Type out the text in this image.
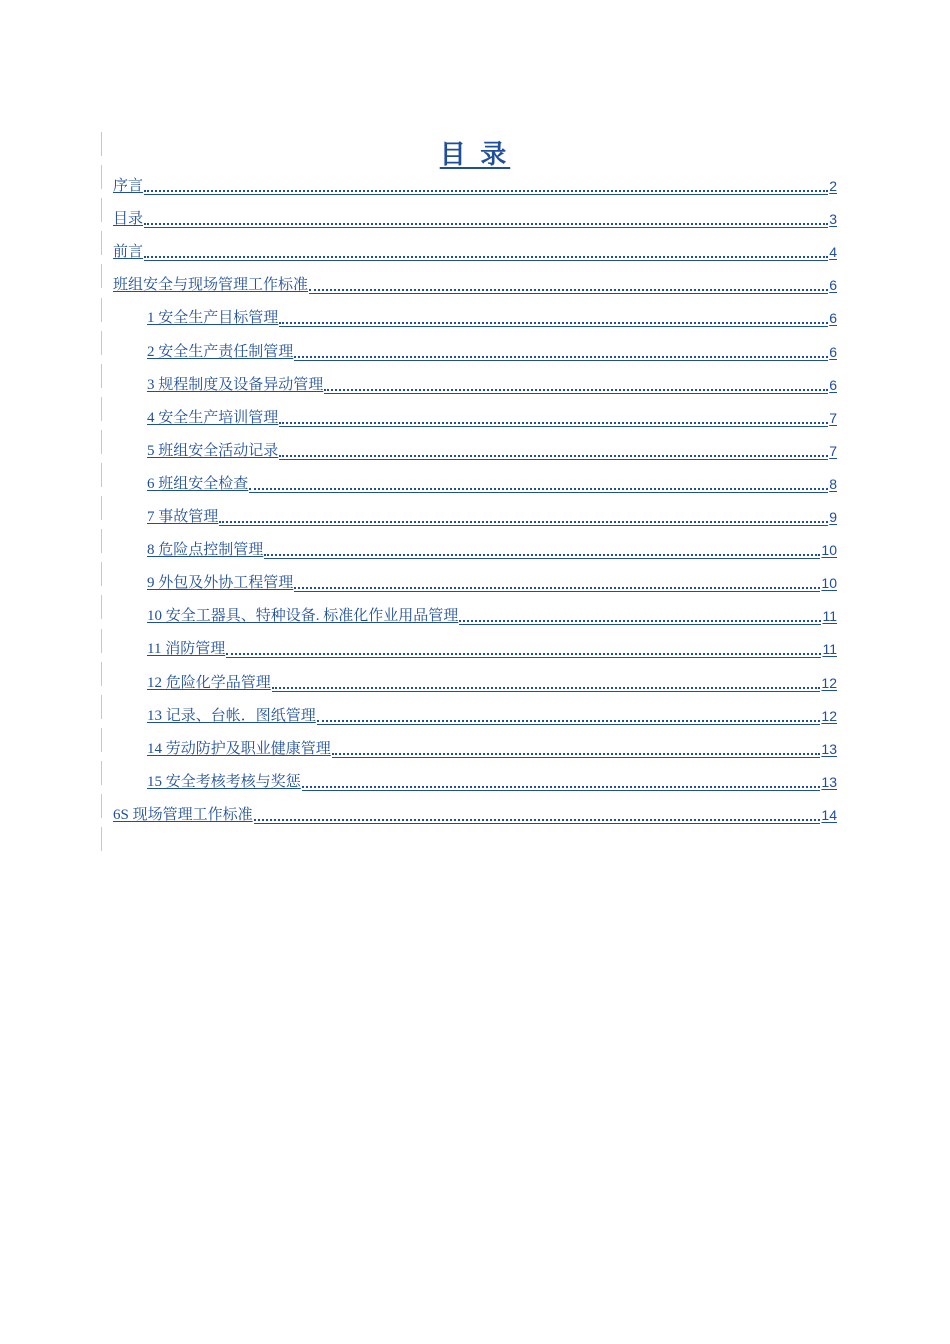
目 录
序言	2
目录	3
前言	4
班组安全与现场管理工作标准	6
1 安全生产目标管理	6
2 安全生产责任制管理	6
3 规程制度及设备异动管理	6
4 安全生产培训管理	7
5 班组安全活动记录	7
6 班组安全检查	8
7 事故管理	9
8 危险点控制管理	10
9 外包及外协工程管理	10
10 安全工器具、特种设备. 标准化作业用品管理	11
11 消防管理	11
12 危险化学品管理	12
13 记录、台帐．图纸管理	12
14 劳动防护及职业健康管理	13
15 安全考核考核与奖惩	13
6S 现场管理工作标准	14
